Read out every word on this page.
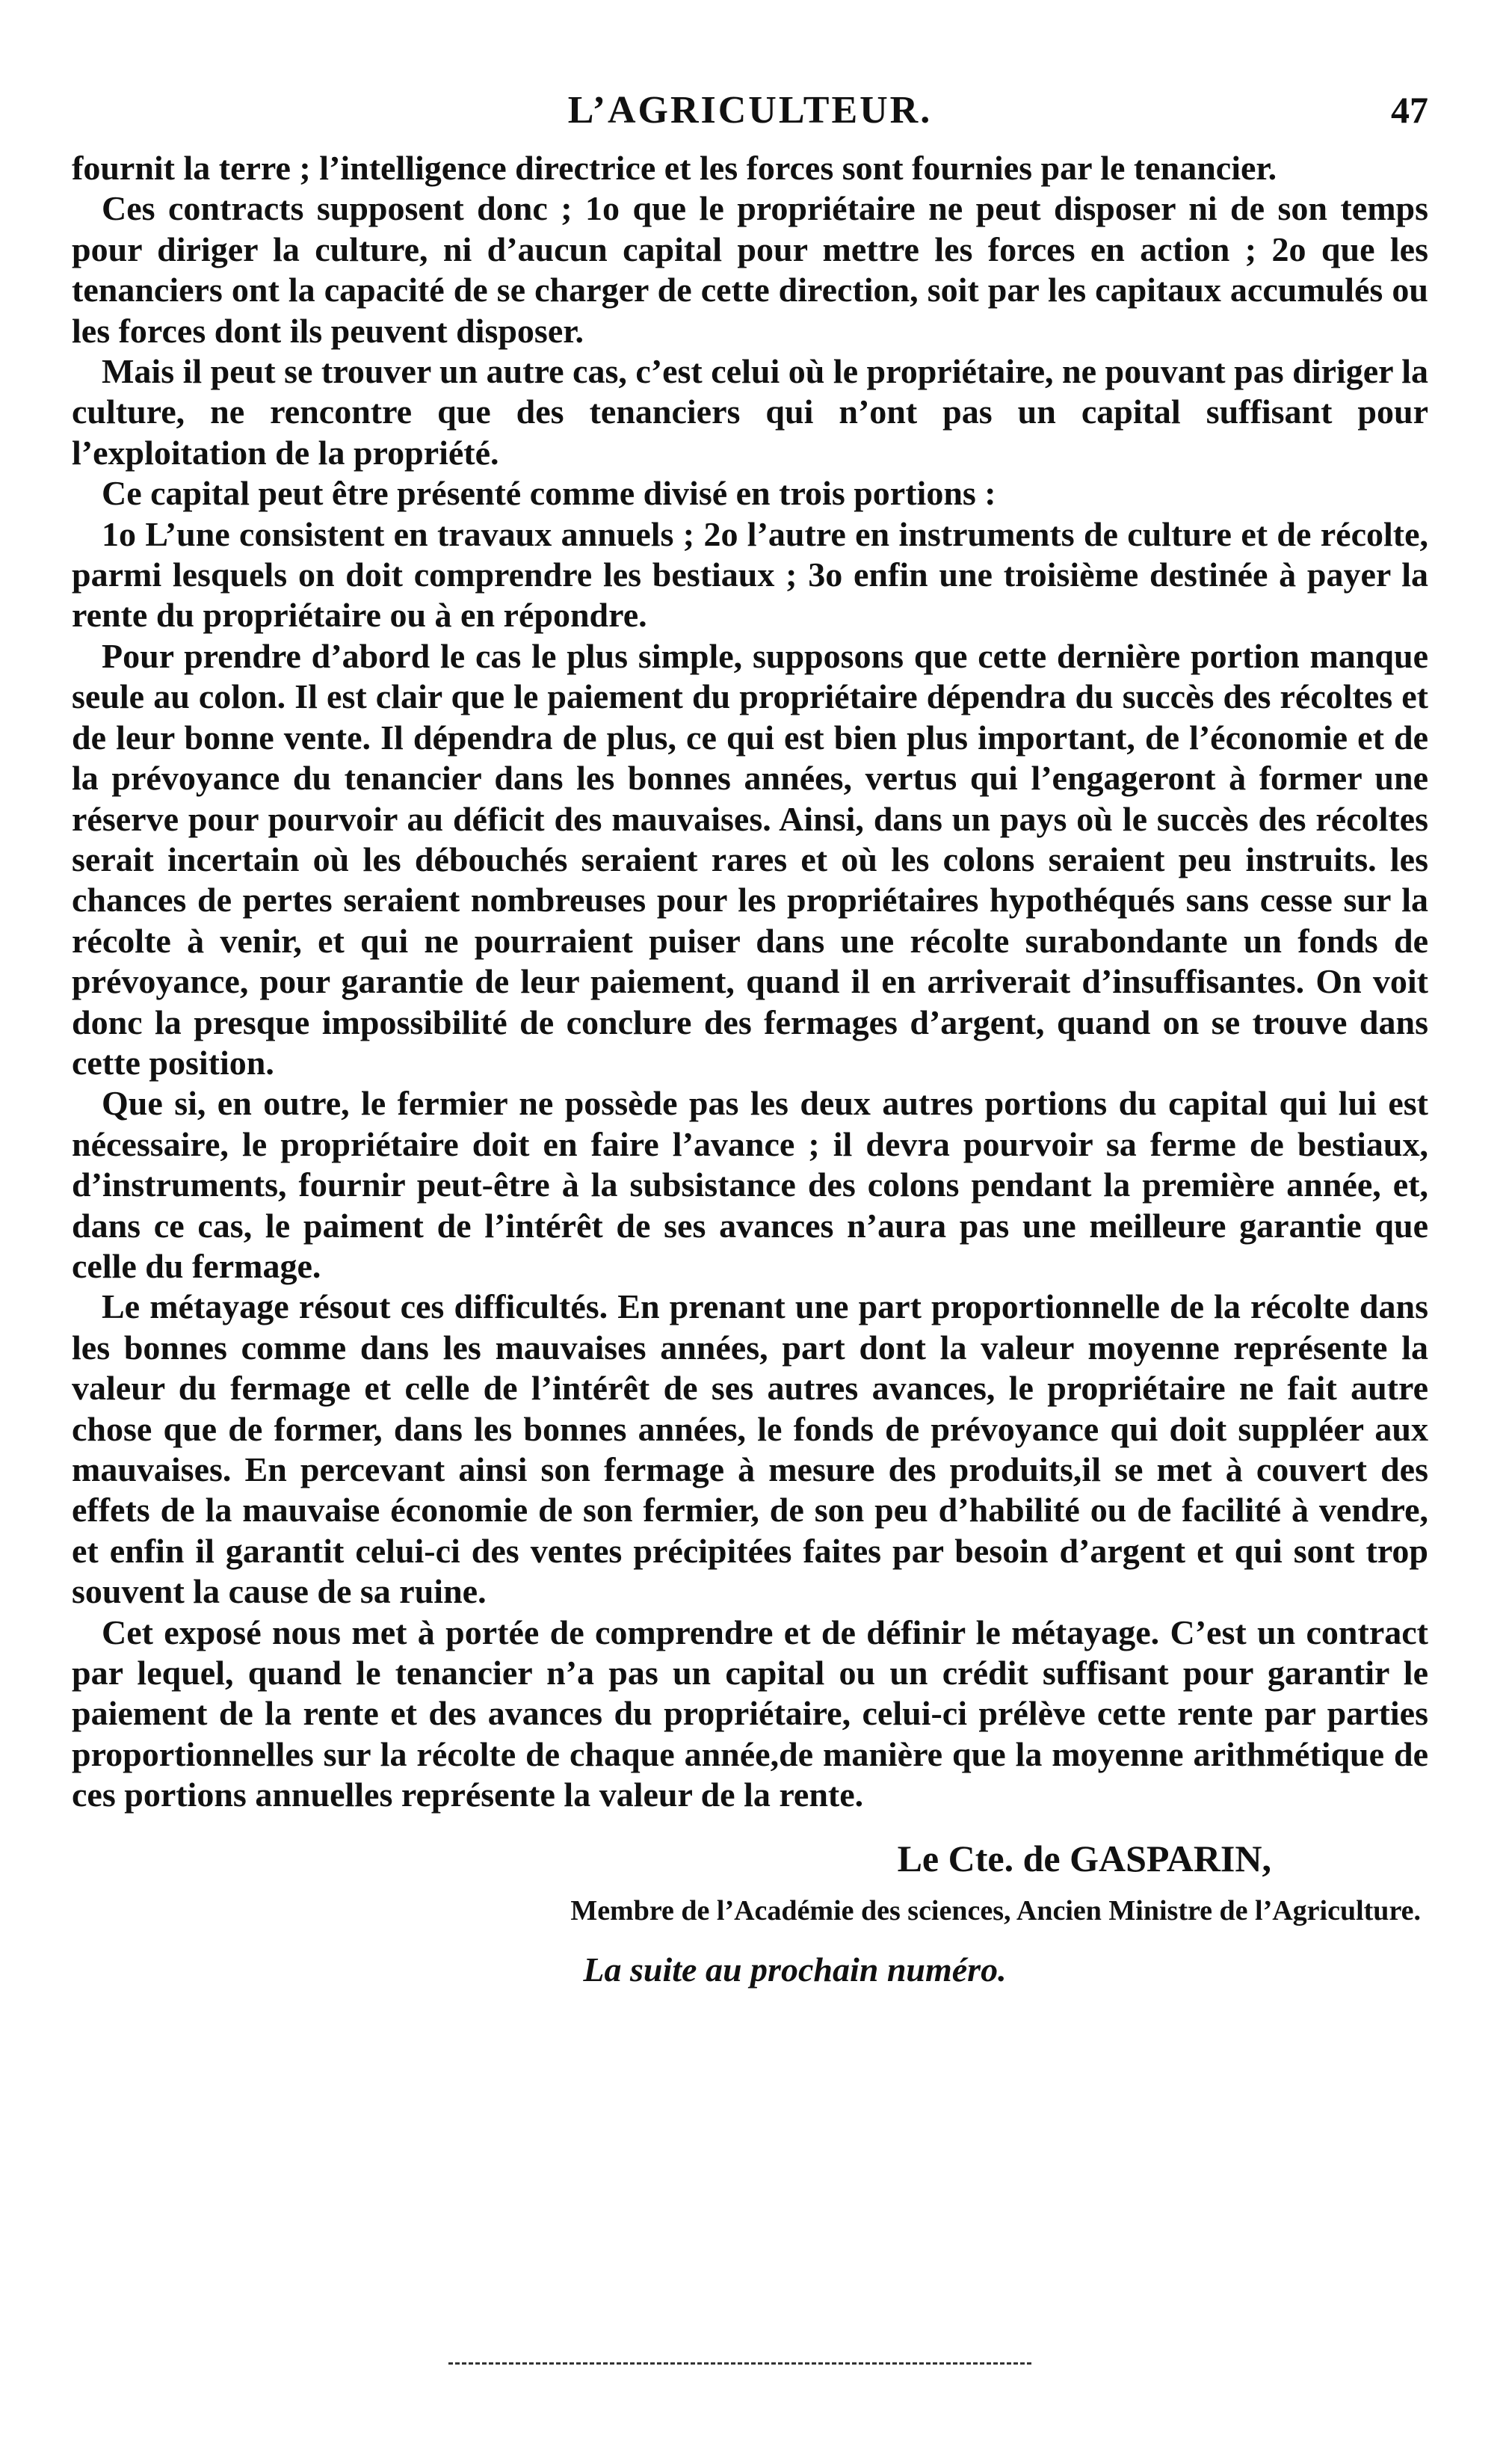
L’AGRICULTEUR.	47

fournit la terre ; l’intelligence directrice et les forces sont fournies par le tenancier.

Ces contracts supposent donc ; 1o que le propriétaire ne peut disposer ni de son temps pour diriger la culture, ni d’aucun capital pour mettre les forces en action ; 2o que les tenanciers ont la capacité de se charger de cette direction, soit par les capitaux accumulés ou les forces dont ils peuvent disposer.

Mais il peut se trouver un autre cas, c’est celui où le propriétaire, ne pouvant pas diriger la culture, ne rencontre que des tenanciers qui n’ont pas un capital suffisant pour l’exploitation de la propriété.

Ce capital peut être présenté comme divisé en trois portions :

1o L’une consistent en travaux annuels ; 2o l’autre en instruments de culture et de récolte, parmi lesquels on doit comprendre les bestiaux ; 3o enfin une troisième destinée à payer la rente du propriétaire ou à en répondre.

Pour prendre d’abord le cas le plus simple, supposons que cette dernière portion manque seule au colon. Il est clair que le paiement du propriétaire dépendra du succès des récoltes et de leur bonne vente. Il dépendra de plus, ce qui est bien plus important, de l’économie et de la prévoyance du tenancier dans les bonnes années, vertus qui l’engageront à former une réserve pour pourvoir au déficit des mauvaises. Ainsi, dans un pays où le succès des récoltes serait incertain où les débouchés seraient rares et où les colons seraient peu instruits. les chances de pertes seraient nombreuses pour les propriétaires hypothéqués sans cesse sur la récolte à venir, et qui ne pourraient puiser dans une récolte surabondante un fonds de prévoyance, pour garantie de leur paiement, quand il en arriverait d’insuffisantes. On voit donc la presque impossibilité de conclure des fermages d’argent, quand on se trouve dans cette position.

Que si, en outre, le fermier ne possède pas les deux autres portions du capital qui lui est nécessaire, le propriétaire doit en faire l’avance ; il devra pourvoir sa ferme de bestiaux, d’instruments, fournir peut-être à la subsistance des colons pendant la première année, et, dans ce cas, le paiment de l’intérêt de ses avances n’aura pas une meilleure garantie que celle du fermage.

Le métayage résout ces difficultés. En prenant une part proportionnelle de la récolte dans les bonnes comme dans les mauvaises années, part dont la valeur moyenne représente la valeur du fermage et celle de l’intérêt de ses autres avances, le propriétaire ne fait autre chose que de former, dans les bonnes années, le fonds de prévoyance qui doit suppléer aux mauvaises. En percevant ainsi son fermage à mesure des produits,il se met à couvert des effets de la mauvaise économie de son fermier, de son peu d’habilité ou de facilité à vendre, et enfin il garantit celui-ci des ventes précipitées faites par besoin d’argent et qui sont trop souvent la cause de sa ruine.

Cet exposé nous met à portée de comprendre et de définir le métayage. C’est un contract par lequel, quand le tenancier n’a pas un capital ou un crédit suffisant pour garantir le paiement de la rente et des avances du propriétaire, celui-ci prélève cette rente par parties proportionnelles sur la récolte de chaque année,de manière que la moyenne arithmétique de ces portions annuelles représente la valeur de la rente.

Le Cte. de GASPARIN,
Membre de l’Académie des sciences, Ancien Ministre de l’Agriculture.
La suite au prochain numéro.
